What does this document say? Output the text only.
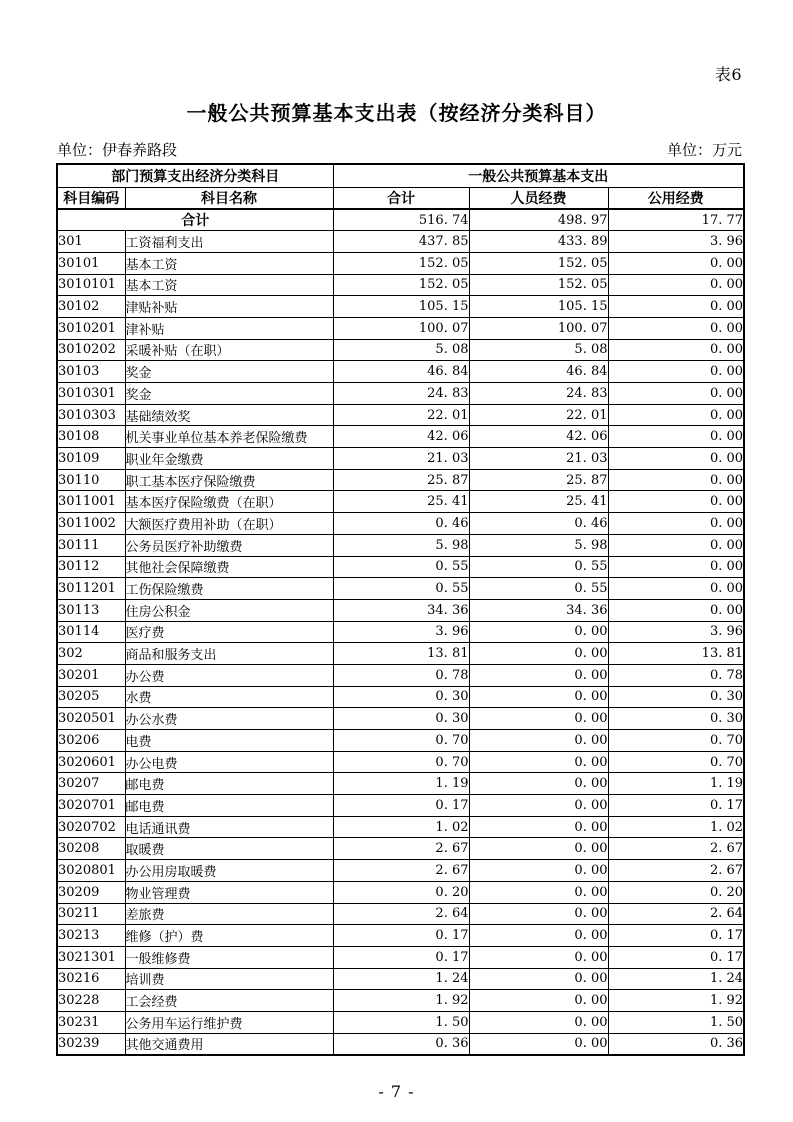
表6
一般公共预算基本支出表（按经济分类科目）
单位：伊春养路段	单位：万元
部门预算支出经济分类科目		一般公共预算基本支出		
科目编码	科目名称	合计	人员经费	公用经费
合计		516. 74	498. 97	17. 77
301	工资福利支出	437. 85	433. 89	3. 96
30101	基本工资	152. 05	152. 05	0. 00
3010101	基本工资	152. 05	152. 05	0. 00
30102	津贴补贴	105. 15	105. 15	0. 00
3010201	津补贴	100. 07	100. 07	0. 00
3010202	采暖补贴（在职）	5. 08	5. 08	0. 00
30103	奖金	46. 84	46. 84	0. 00
3010301	奖金	24. 83	24. 83	0. 00
3010303	基础绩效奖	22. 01	22. 01	0. 00
30108	机关事业单位基本养老保险缴费	42. 06	42. 06	0. 00
30109	职业年金缴费	21. 03	21. 03	0. 00
30110	职工基本医疗保险缴费	25. 87	25. 87	0. 00
3011001	基本医疗保险缴费（在职）	25. 41	25. 41	0. 00
3011002	大额医疗费用补助（在职）	0. 46	0. 46	0. 00
30111	公务员医疗补助缴费	5. 98	5. 98	0. 00
30112	其他社会保障缴费	0. 55	0. 55	0. 00
3011201	工伤保险缴费	0. 55	0. 55	0. 00
30113	住房公积金	34. 36	34. 36	0. 00
30114	医疗费	3. 96	0. 00	3. 96
302	商品和服务支出	13. 81	0. 00	13. 81
30201	办公费	0. 78	0. 00	0. 78
30205	水费	0. 30	0. 00	0. 30
3020501	办公水费	0. 30	0. 00	0. 30
30206	电费	0. 70	0. 00	0. 70
3020601	办公电费	0. 70	0. 00	0. 70
30207	邮电费	1. 19	0. 00	1. 19
3020701	邮电费	0. 17	0. 00	0. 17
3020702	电话通讯费	1. 02	0. 00	1. 02
30208	取暖费	2. 67	0. 00	2. 67
3020801	办公用房取暖费	2. 67	0. 00	2. 67
30209	物业管理费	0. 20	0. 00	0. 20
30211	差旅费	2. 64	0. 00	2. 64
30213	维修（护）费	0. 17	0. 00	0. 17
3021301	一般维修费	0. 17	0. 00	0. 17
30216	培训费	1. 24	0. 00	1. 24
30228	工会经费	1. 92	0. 00	1. 92
30231	公务用车运行维护费	1. 50	0. 00	1. 50
30239	其他交通费用	0. 36	0. 00	0. 36
- 7 -
